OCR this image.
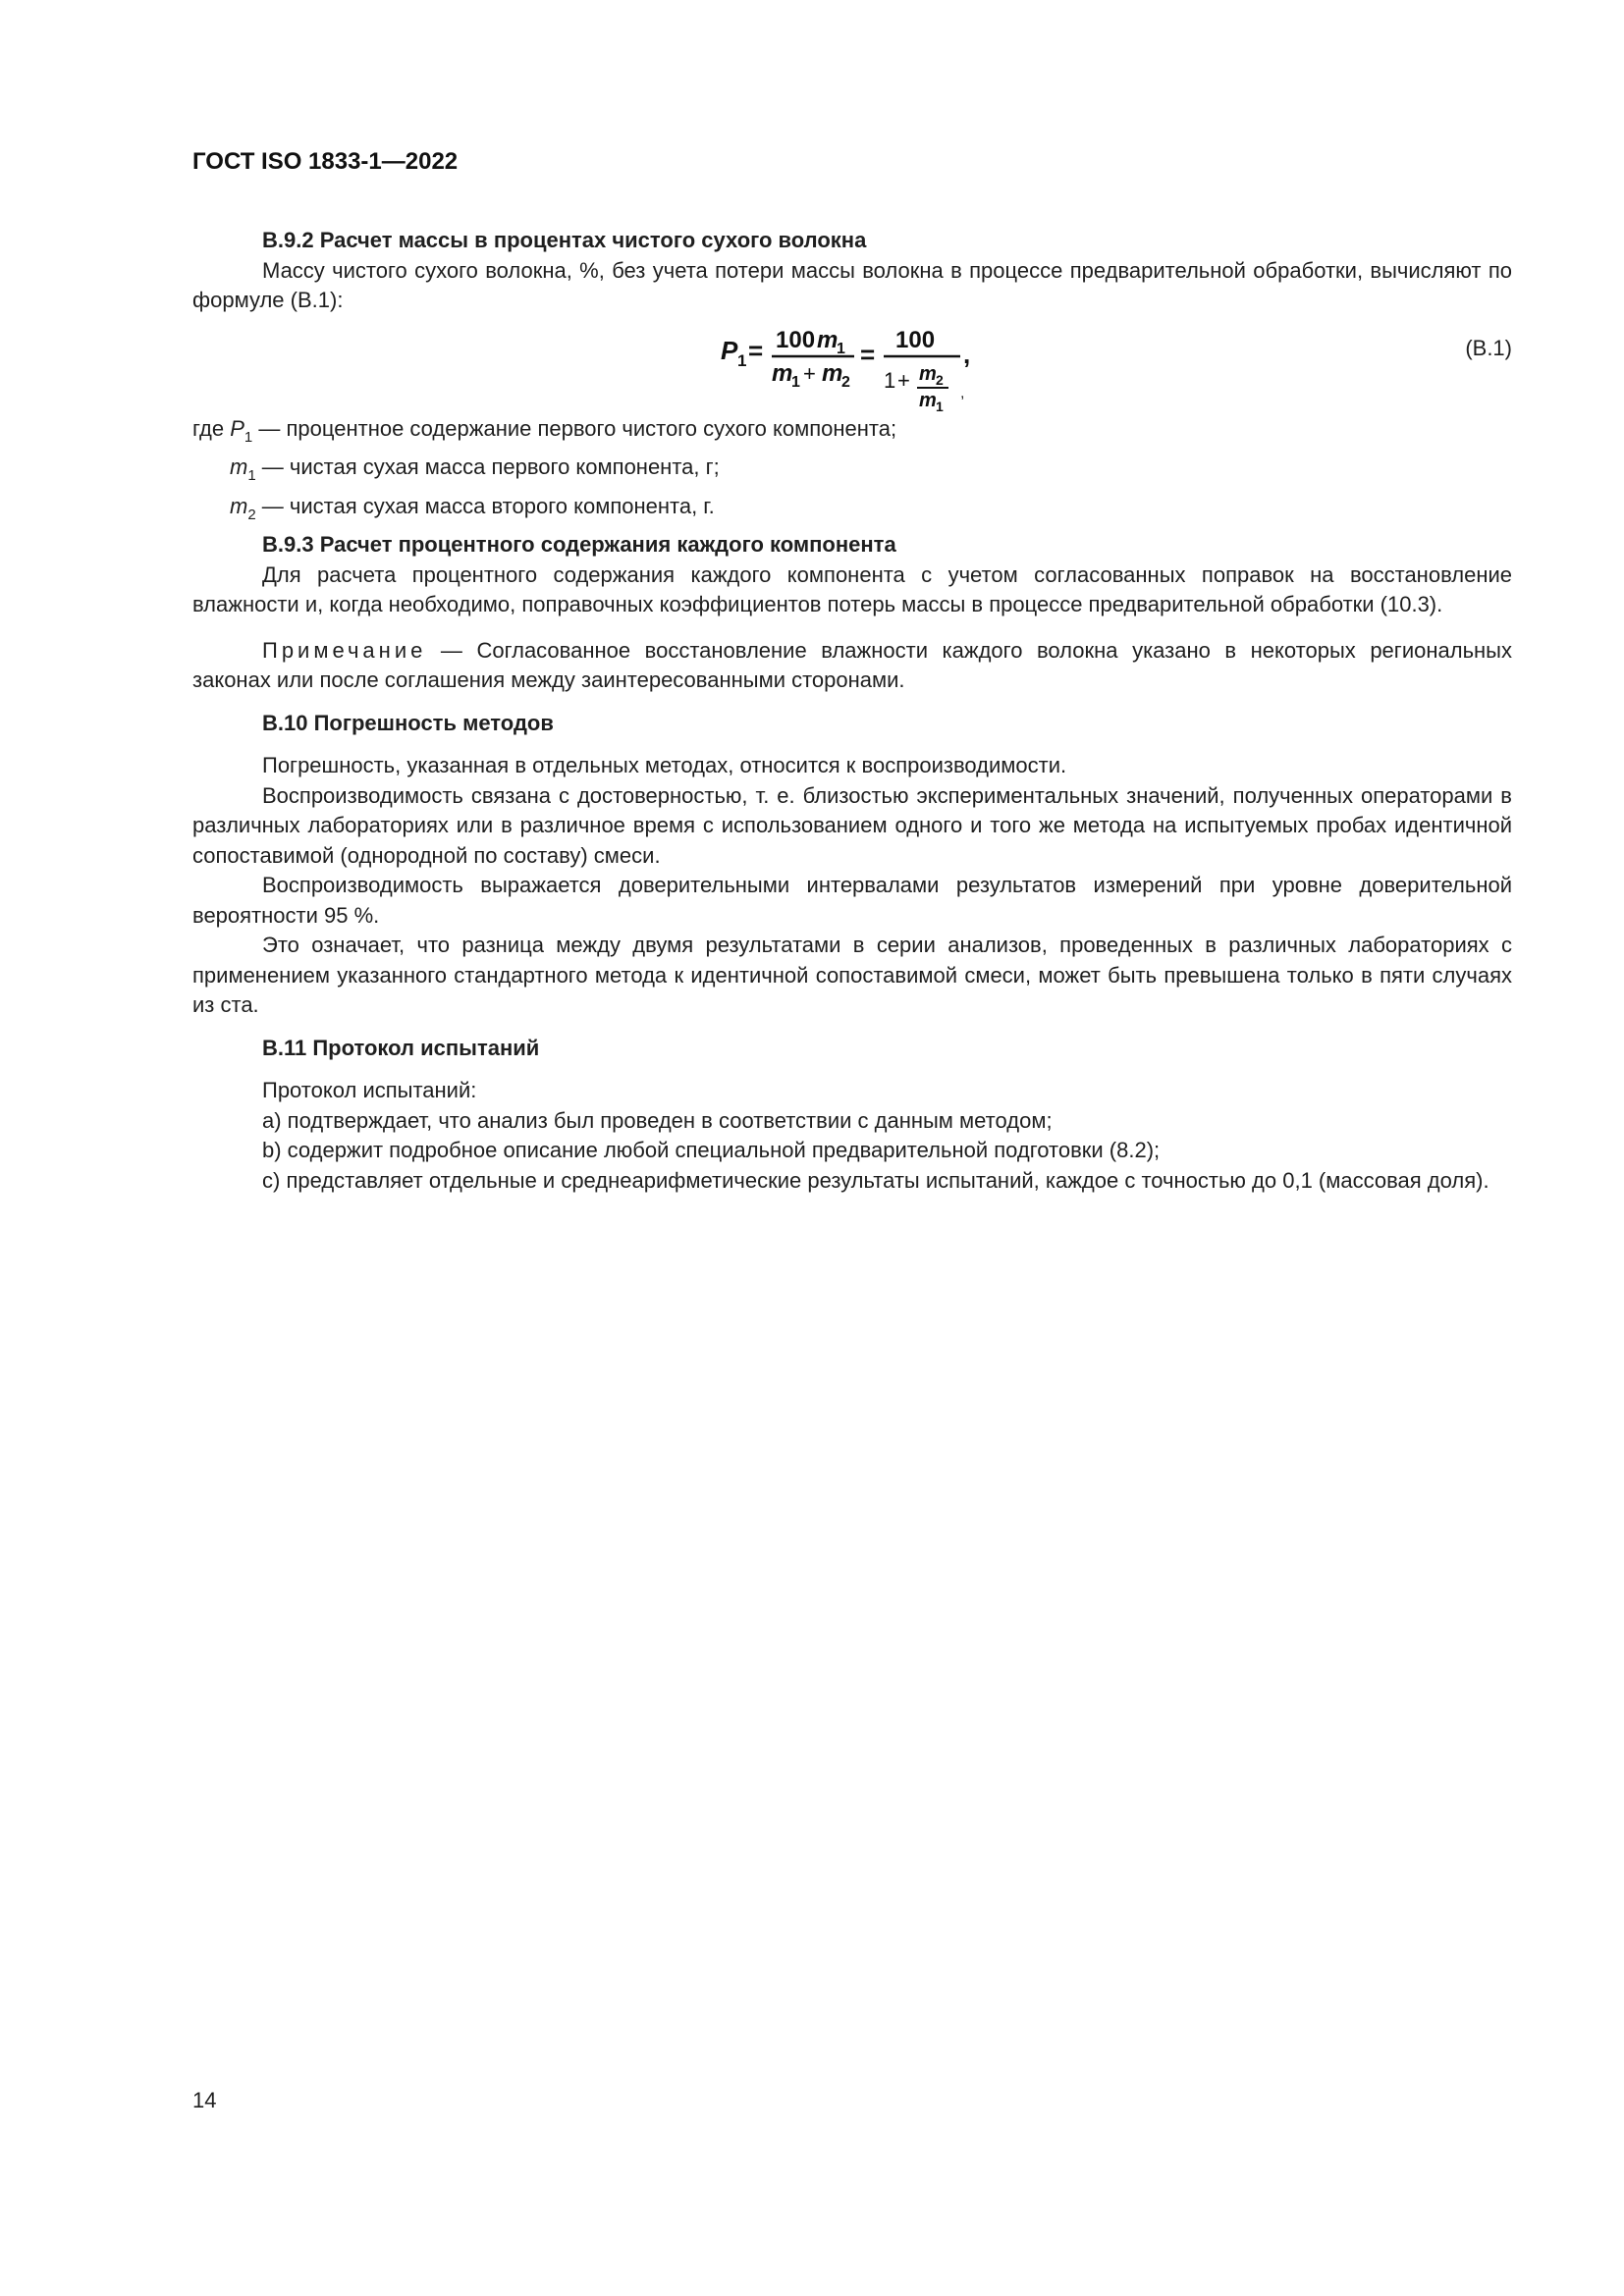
ГОСТ ISO 1833-1—2022

B.9.2 Расчет массы в процентах чистого сухого волокна

Массу чистого сухого волокна, %, без учета потери массы волокна в процессе предварительной обработки, вычисляют по формуле (B.1):

P 1 = 100 m
1
m
1 + m
2
= 100
1 + m 2
m 1
,
,
(B.1)

где $P_1$ — процентное содержание первого чистого сухого компонента;

$m_1$ — чистая сухая масса первого компонента, г;

$m_2$ — чистая сухая масса второго компонента, г.

B.9.3 Расчет процентного содержания каждого компонента

Для расчета процентного содержания каждого компонента с учетом согласованных поправок на восстановление влажности и, когда необходимо, поправочных коэффициентов потерь массы в процессе предварительной обработки (10.3).

Примечание — Согласованное восстановление влажности каждого волокна указано в некоторых региональных законах или после соглашения между заинтересованными сторонами.

B.10 Погрешность методов

Погрешность, указанная в отдельных методах, относится к воспроизводимости.

Воспроизводимость связана с достоверностью, т. е. близостью экспериментальных значений, полученных операторами в различных лабораториях или в различное время с использованием одного и того же метода на испытуемых пробах идентичной сопоставимой (однородной по составу) смеси.

Воспроизводимость выражается доверительными интервалами результатов измерений при уровне доверительной вероятности 95 %.

Это означает, что разница между двумя результатами в серии анализов, проведенных в различных лабораториях с применением указанного стандартного метода к идентичной сопоставимой смеси, может быть превышена только в пяти случаях из ста.

B.11 Протокол испытаний

Протокол испытаний:

a) подтверждает, что анализ был проведен в соответствии с данным методом;

b) содержит подробное описание любой специальной предварительной подготовки (8.2);

c) представляет отдельные и среднеарифметические результаты испытаний, каждое с точностью до 0,1 (массовая доля).

14
